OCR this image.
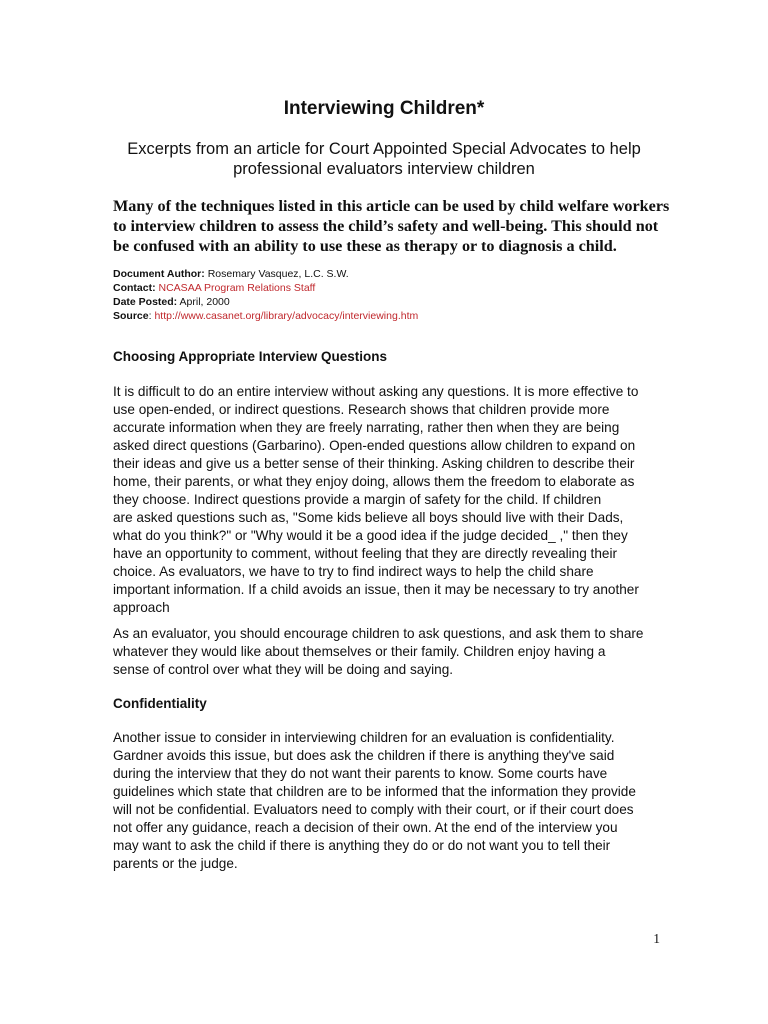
Interviewing Children*
Excerpts from an article for Court Appointed Special Advocates to help
professional evaluators interview children
Many of the techniques listed in this article can be used by child welfare workers
to interview children to assess the child’s safety and well-being. This should not
be confused with an ability to use these as therapy or to diagnosis a child.
Document Author: Rosemary Vasquez, L.C. S.W.
Contact: NCASAA Program Relations Staff
Date Posted: April, 2000
Source: http://www.casanet.org/library/advocacy/interviewing.htm
Choosing Appropriate Interview Questions
It is difficult to do an entire interview without asking any questions. It is more effective to
use open-ended, or indirect questions. Research shows that children provide more
accurate information when they are freely narrating, rather then when they are being
asked direct questions (Garbarino). Open-ended questions allow children to expand on
their ideas and give us a better sense of their thinking. Asking children to describe their
home, their parents, or what they enjoy doing, allows them the freedom to elaborate as
they choose. Indirect questions provide a margin of safety for the child. If children
are asked questions such as, "Some kids believe all boys should live with their Dads,
what do you think?" or "Why would it be a good idea if the judge decided_ ," then they
have an opportunity to comment, without feeling that they are directly revealing their
choice. As evaluators, we have to try to find indirect ways to help the child share
important information. If a child avoids an issue, then it may be necessary to try another
approach
As an evaluator, you should encourage children to ask questions, and ask them to share
whatever they would like about themselves or their family. Children enjoy having a
sense of control over what they will be doing and saying.
Confidentiality
Another issue to consider in interviewing children for an evaluation is confidentiality.
Gardner avoids this issue, but does ask the children if there is anything they've said
during the interview that they do not want their parents to know. Some courts have
guidelines which state that children are to be informed that the information they provide
will not be confidential. Evaluators need to comply with their court, or if their court does
not offer any guidance, reach a decision of their own. At the end of the interview you
may want to ask the child if there is anything they do or do not want you to tell their
parents or the judge.
1
